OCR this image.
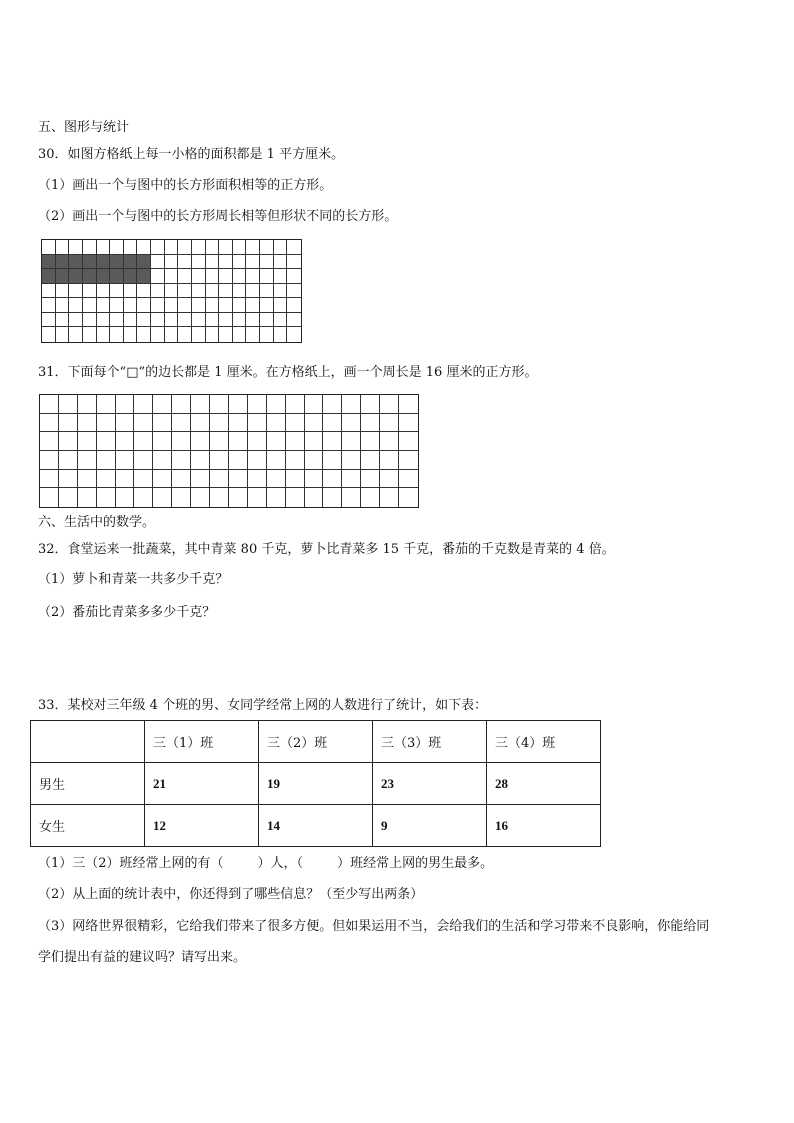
五、图形与统计
30．如图方格纸上每一小格的面积都是 1 平方厘米。
（1）画出一个与图中的长方形面积相等的正方形。
（2）画出一个与图中的长方形周长相等但形状不同的长方形。
31．下面每个“□”的边长都是 1 厘米。在方格纸上，画一个周长是 16 厘米的正方形。
六、生活中的数学。
32．食堂运来一批蔬菜，其中青菜 80 千克，萝卜比青菜多 15 千克，番茄的千克数是青菜的 4 倍。
（1）萝卜和青菜一共多少千克？
（2）番茄比青菜多多少千克？
33．某校对三年级 4 个班的男、女同学经常上网的人数进行了统计，如下表：
	三（1）班	三（2）班	三（3）班	三（4）班
男生	21	19	23	28
女生	12	14	9	16
（1）三（2）班经常上网的有（	）人，（	）班经常上网的男生最多。
（2）从上面的统计表中，你还得到了哪些信息？（至少写出两条）
（3）网络世界很精彩，它给我们带来了很多方便。但如果运用不当，会给我们的生活和学习带来不良影响，你能给同
学们提出有益的建议吗？请写出来。
